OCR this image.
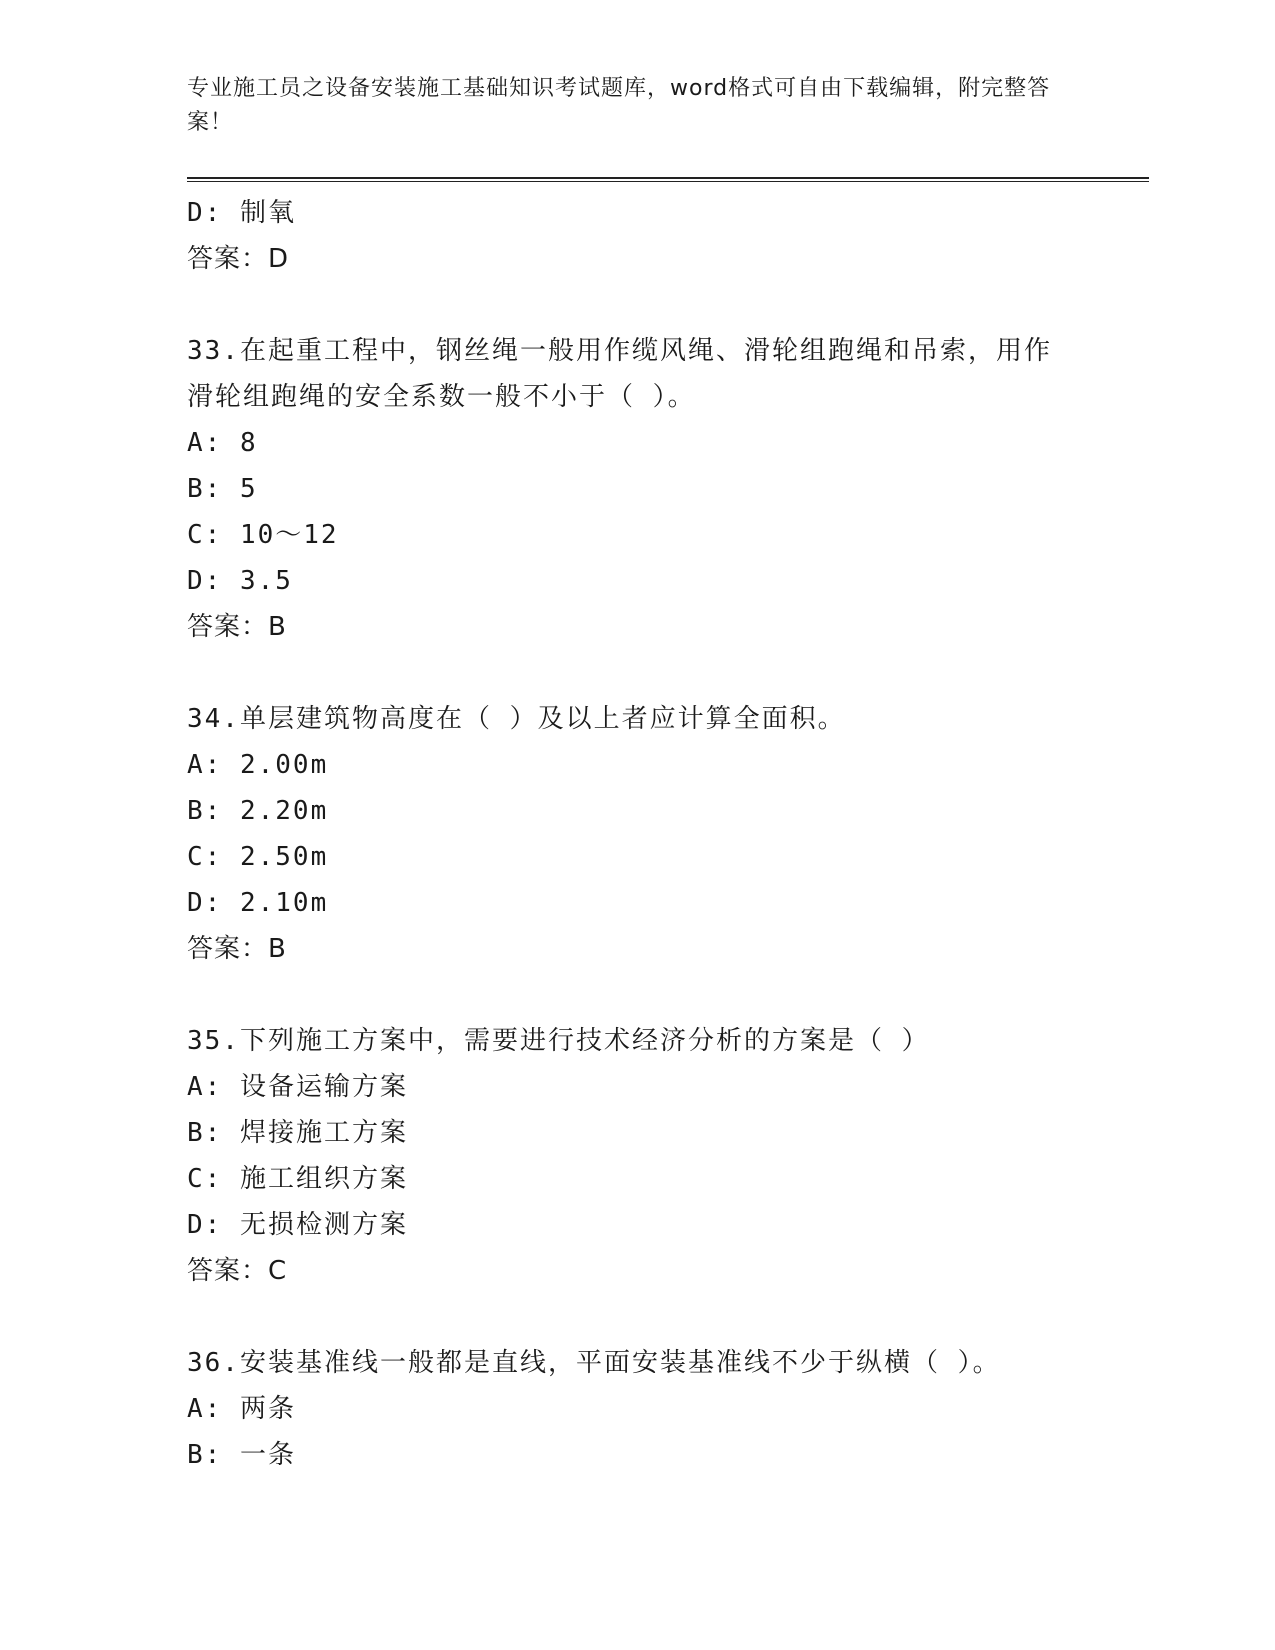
专业施工员之设备安装施工基础知识考试题库，word格式可自由下载编辑，附完整答案！
D: 制氧
答案：D
33.在起重工程中，钢丝绳一般用作缆风绳、滑轮组跑绳和吊索，用作
滑轮组跑绳的安全系数一般不小于（ ）。
A: 8
B: 5
C: 10～12
D: 3.5
答案：B
34.单层建筑物高度在（ ）及以上者应计算全面积。
A: 2.00m
B: 2.20m
C: 2.50m
D: 2.10m
答案：B
35.下列施工方案中，需要进行技术经济分析的方案是（ ）
A: 设备运输方案
B: 焊接施工方案
C: 施工组织方案
D: 无损检测方案
答案：C
36.安装基准线一般都是直线，平面安装基准线不少于纵横（ ）。
A: 两条
B: 一条
